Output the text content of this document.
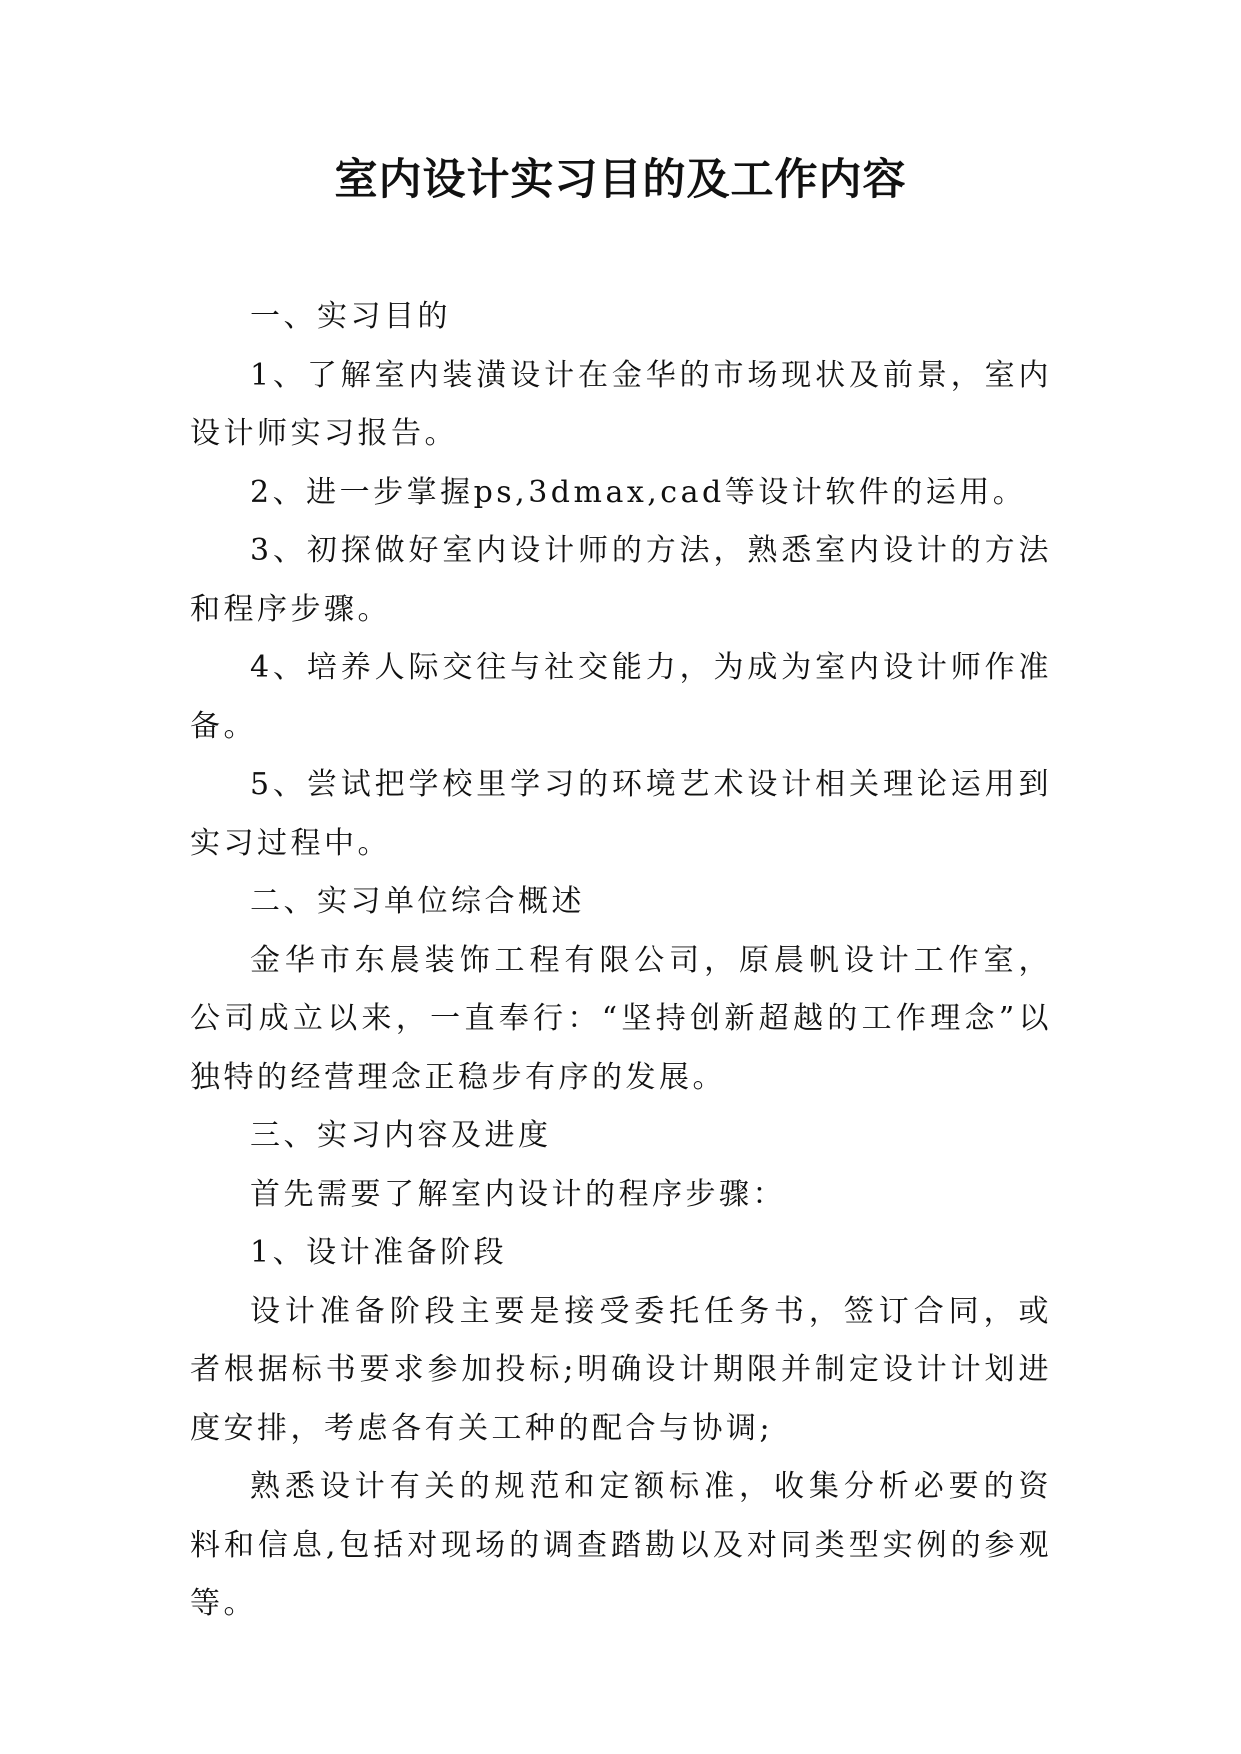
室内设计实习目的及工作内容

一、实习目的

1、了解室内装潢设计在金华的市场现状及前景，室内设计师实习报告。

2、进一步掌握ps,3dmax,cad等设计软件的运用。

3、初探做好室内设计师的方法，熟悉室内设计的方法和程序步骤。

4、培养人际交往与社交能力，为成为室内设计师作准备。

5、尝试把学校里学习的环境艺术设计相关理论运用到实习过程中。

二、实习单位综合概述

金华市东晨装饰工程有限公司，原晨帆设计工作室，公司成立以来，一直奉行：“坚持创新超越的工作理念”以独特的经营理念正稳步有序的发展。

三、实习内容及进度

首先需要了解室内设计的程序步骤：

1、设计准备阶段

设计准备阶段主要是接受委托任务书，签订合同，或者根据标书要求参加投标;明确设计期限并制定设计计划进度安排，考虑各有关工种的配合与协调;

熟悉设计有关的规范和定额标准，收集分析必要的资料和信息,包括对现场的调查踏勘以及对同类型实例的参观等。
